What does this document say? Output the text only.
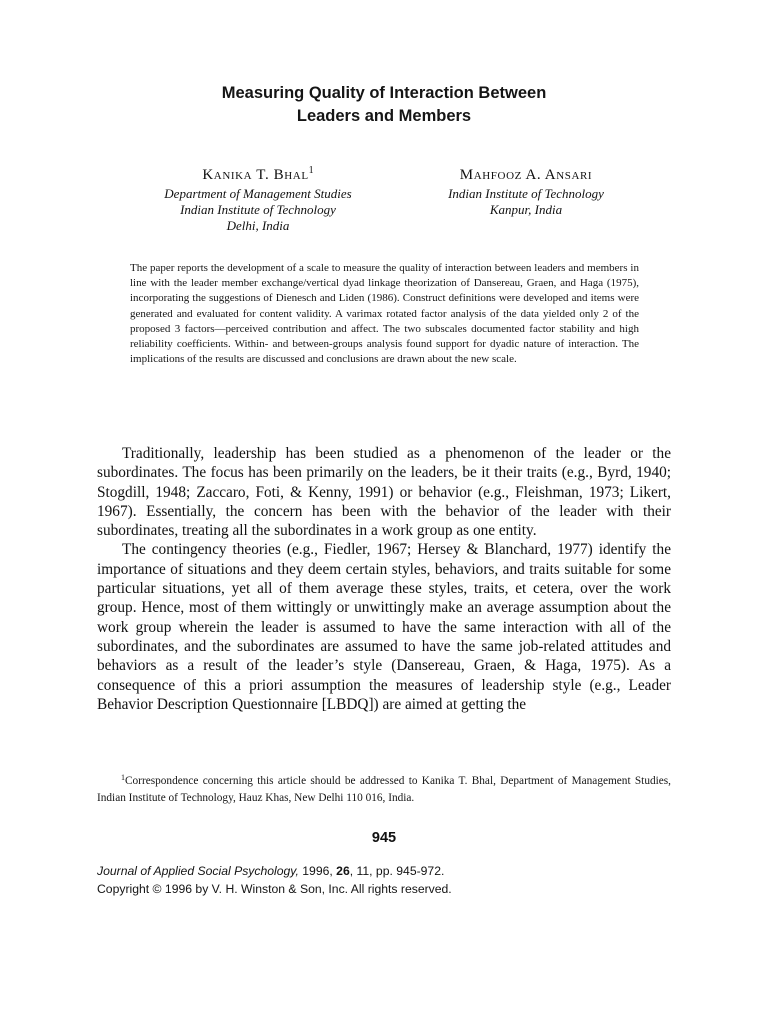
Measuring Quality of Interaction Between
Leaders and Members
Kanika T. Bhal$^1$
Department of Management Studies
Indian Institute of Technology
Delhi, India
Mahfooz A. Ansari
Indian Institute of Technology
Kanpur, India
The paper reports the development of a scale to measure the quality of interaction between leaders and members in line with the leader member exchange/vertical dyad linkage theorization of Dansereau, Graen, and Haga (1975), incorporating the suggestions of Dienesch and Liden (1986). Construct definitions were developed and items were generated and evaluated for content validity. A varimax rotated factor analysis of the data yielded only 2 of the proposed 3 factors—perceived contribution and affect. The two subscales documented factor stability and high reliability coefficients. Within- and between-groups analysis found support for dyadic nature of interaction. The implications of the results are discussed and conclusions are drawn about the new scale.

Traditionally, leadership has been studied as a phenomenon of the leader or the subordinates. The focus has been primarily on the leaders, be it their traits (e.g., Byrd, 1940; Stogdill, 1948; Zaccaro, Foti, & Kenny, 1991) or behavior (e.g., Fleishman, 1973; Likert, 1967). Essentially, the concern has been with the behavior of the leader with their subordinates, treating all the subordinates in a work group as one entity.

The contingency theories (e.g., Fiedler, 1967; Hersey & Blanchard, 1977) identify the importance of situations and they deem certain styles, behaviors, and traits suitable for some particular situations, yet all of them average these styles, traits, et cetera, over the work group. Hence, most of them wittingly or unwittingly make an average assumption about the work group wherein the leader is assumed to have the same interaction with all of the subordinates, and the subordinates are assumed to have the same job-related attitudes and behaviors as a result of the leader’s style (Dansereau, Graen, & Haga, 1975). As a consequence of this a priori assumption the measures of leadership style (e.g., Leader Behavior Description Questionnaire [LBDQ]) are aimed at getting the

$^1$Correspondence concerning this article should be addressed to Kanika T. Bhal, Department of Management Studies, Indian Institute of Technology, Hauz Khas, New Delhi 110 016, India.
945
Journal of Applied Social Psychology, 1996, 26, 11, pp. 945-972.
Copyright © 1996 by V. H. Winston & Son, Inc. All rights reserved.
